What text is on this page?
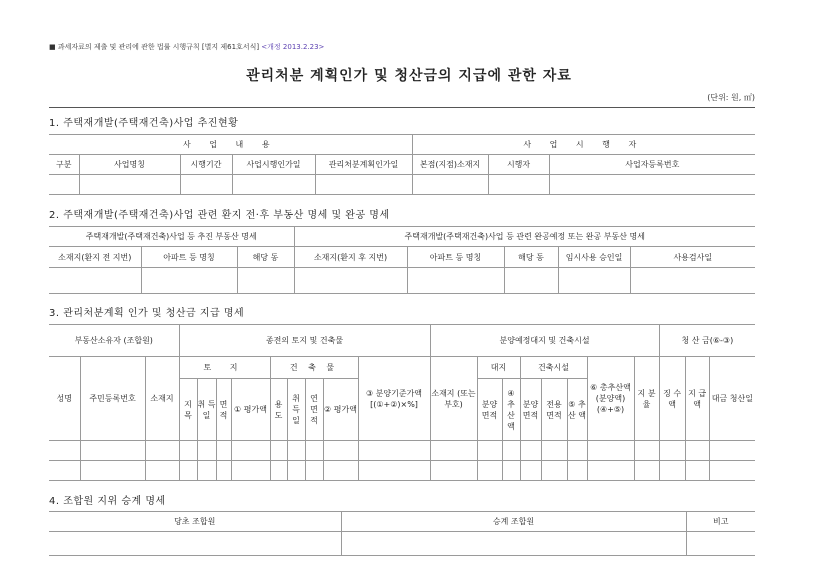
■ 과세자료의 제출 및 관리에 관한 법률 시행규칙 [별지 제61호서식] <개정 2013.2.23>
관리처분 계획인가 및 청산금의 지급에 관한 자료
(단위: 원, ㎡)
1. 주택재개발(주택재건축)사업 추진현황
사 업 내 용					사 업 시 행 자		
구분	사업명칭	시행기간	사업시행인가일	관리처분계획인가일	본점(지점)소재지	시행자	사업자등록번호

2. 주택재개발(주택재건축)사업 관련 환지 전·후 부동산 명세 및 완공 명세
주택재개발(주택재건축)사업 등 추진 부동산 명세			주택재개발(주택재건축)사업 등 관련 완공예정 또는 완공 부동산 명세				
소재지(환지 전 지번)	아파트 등 명칭	해당 동	소재지(환지 후 지번)	아파트 등 명칭	해당 동	임시사용 승인일	사용검사일

3. 관리처분계획 인가 및 청산금 지급 명세
부동산소유자 (조합원)			종전의 토지 및 건축물									분양예정대지 및 건축시설								청 산 금(⑥-③)		
성명	주민등록번호	소재지	토 지				건 축 물				③ 분양기준가액 [(①+②)×%]	소재지 (또는 부호)	대지		건축시설			⑥ 총추산액 (분양액) (④+⑤)	지 분 율	징 수 액	지 급 액	대금 청산일
			지 목	취 득 일	면 적	① 평가액	용 도	취 득 일	연 면 적	② 평가액			분양 면적	④ 추 산 액	분양 면적	전용 면적	⑤ 추 산 액					

4. 조합원 지위 승계 명세
당초 조합원	승계 조합원	비고
